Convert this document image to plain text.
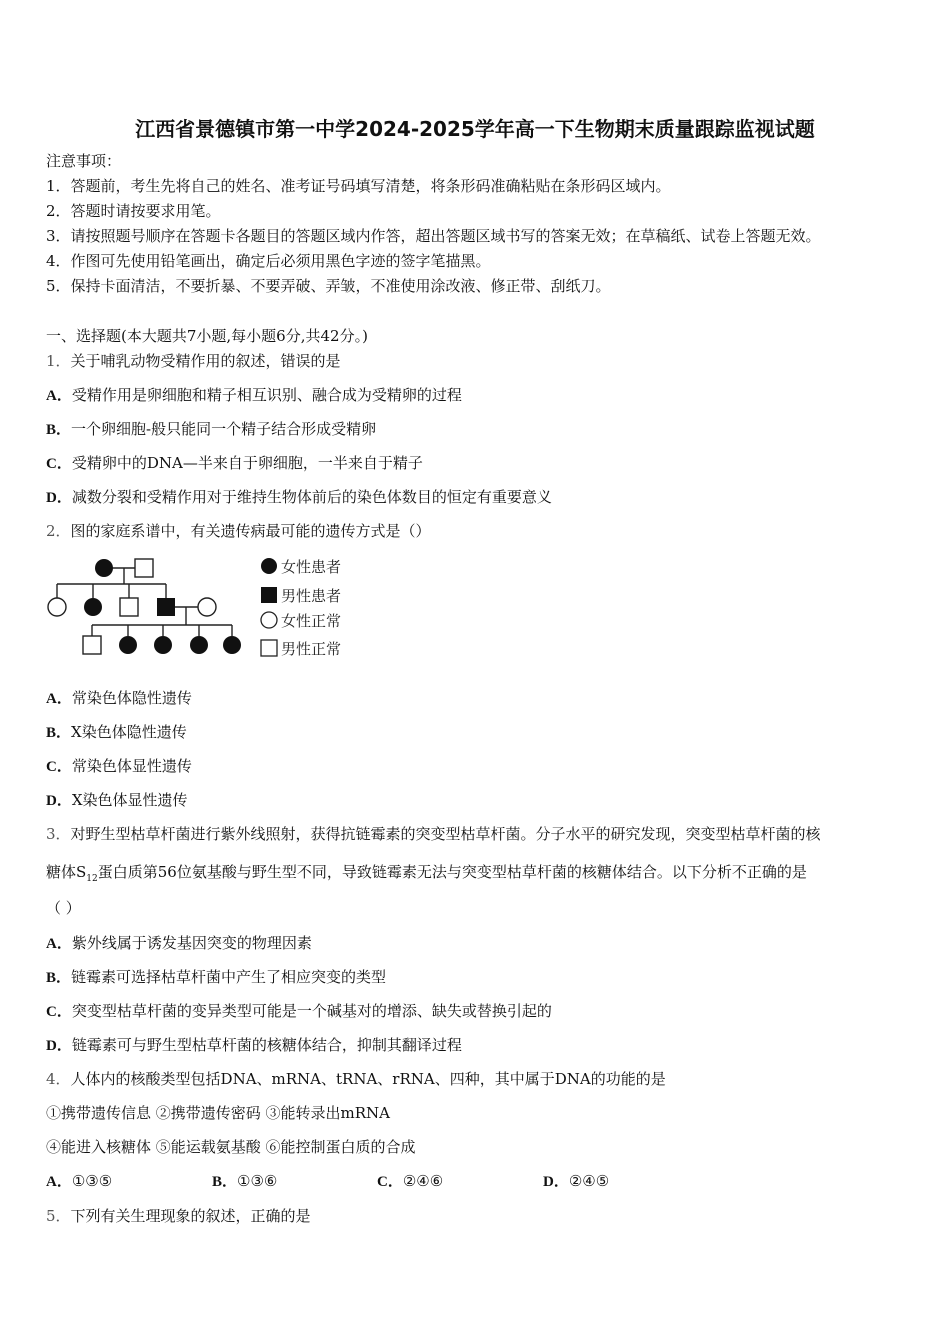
江西省景德镇市第一中学2024-2025学年高一下生物期末质量跟踪监视试题
注意事项：
1．答题前，考生先将自己的姓名、准考证号码填写清楚，将条形码准确粘贴在条形码区域内。
2．答题时请按要求用笔。
3．请按照题号顺序在答题卡各题目的答题区域内作答，超出答题区域书写的答案无效；在草稿纸、试卷上答题无效。
4．作图可先使用铅笔画出，确定后必须用黑色字迹的签字笔描黑。
5．保持卡面清洁，不要折暴、不要弄破、弄皱，不准使用涂改液、修正带、刮纸刀。
一、选择题(本大题共7小题,每小题6分,共42分。)
1．关于哺乳动物受精作用的叙述，错误的是
A．受精作用是卵细胞和精子相互识别、融合成为受精卵的过程
B．一个卵细胞-般只能同一个精子结合形成受精卵
C．受精卵中的DNA—半来自于卵细胞，一半来自于精子
D．减数分裂和受精作用对于维持生物体前后的染色体数目的恒定有重要意义
2．图的家庭系谱中，有关遗传病最可能的遗传方式是（）
女性患者
男性患者
女性正常
男性正常
A．常染色体隐性遗传
B．X染色体隐性遗传
C．常染色体显性遗传
D．X染色体显性遗传
3．对野生型枯草杆菌进行紫外线照射，获得抗链霉素的突变型枯草杆菌。分子水平的研究发现，突变型枯草杆菌的核
糖体$S_{12}$蛋白质第56位氨基酸与野生型不同，导致链霉素无法与突变型枯草杆菌的核糖体结合。以下分析不正确的是
（ ）
A．紫外线属于诱发基因突变的物理因素
B．链霉素可选择枯草杆菌中产生了相应突变的类型
C．突变型枯草杆菌的变异类型可能是一个碱基对的增添、缺失或替换引起的
D．链霉素可与野生型枯草杆菌的核糖体结合，抑制其翻译过程
4．人体内的核酸类型包括DNA、mRNA、tRNA、rRNA、四种，其中属于DNA的功能的是
①携带遗传信息 ②携带遗传密码 ③能转录出mRNA
④能进入核糖体 ⑤能运载氨基酸 ⑥能控制蛋白质的合成
A．①③⑤	B．①③⑥	C．②④⑥	D．②④⑤
5．下列有关生理现象的叙述，正确的是
